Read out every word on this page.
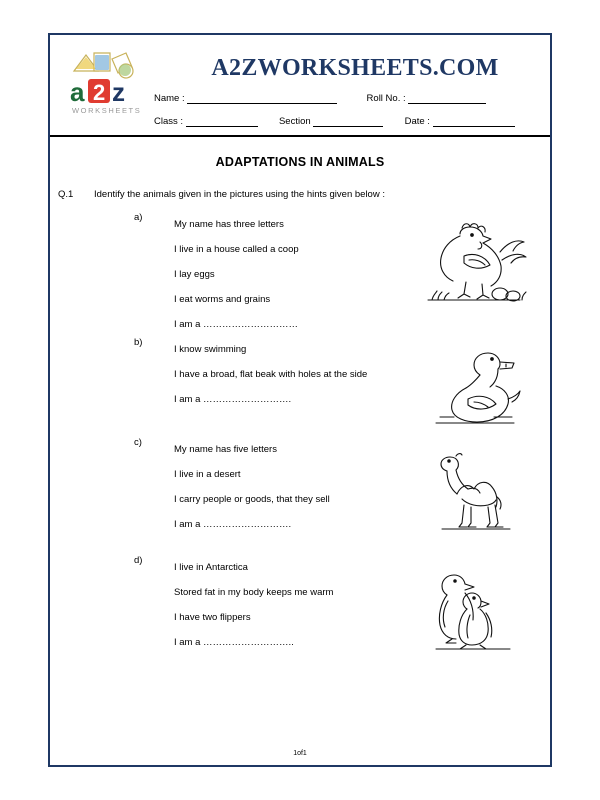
a 2 z
WORKSHEETS
A2ZWORKSHEETS.COM
Name :	Roll No. :
Class :	Section	Date :
ADAPTATIONS IN ANIMALS
Q.1 Identify the animals given in the pictures using the hints given below :
a)
My name has three letters
I live in a house called a coop
I lay eggs
I eat worms and grains
I am a …………………………
b)
I know swimming
I have a broad, flat beak with holes at the side
I am a ……………………….
c)
My name has five letters
I live in a desert
I carry people or goods, that they sell
I am a ……………………….
d)
I live in Antarctica
Stored fat in my body keeps me warm
I have two flippers
I am a ………………………..
1of1
